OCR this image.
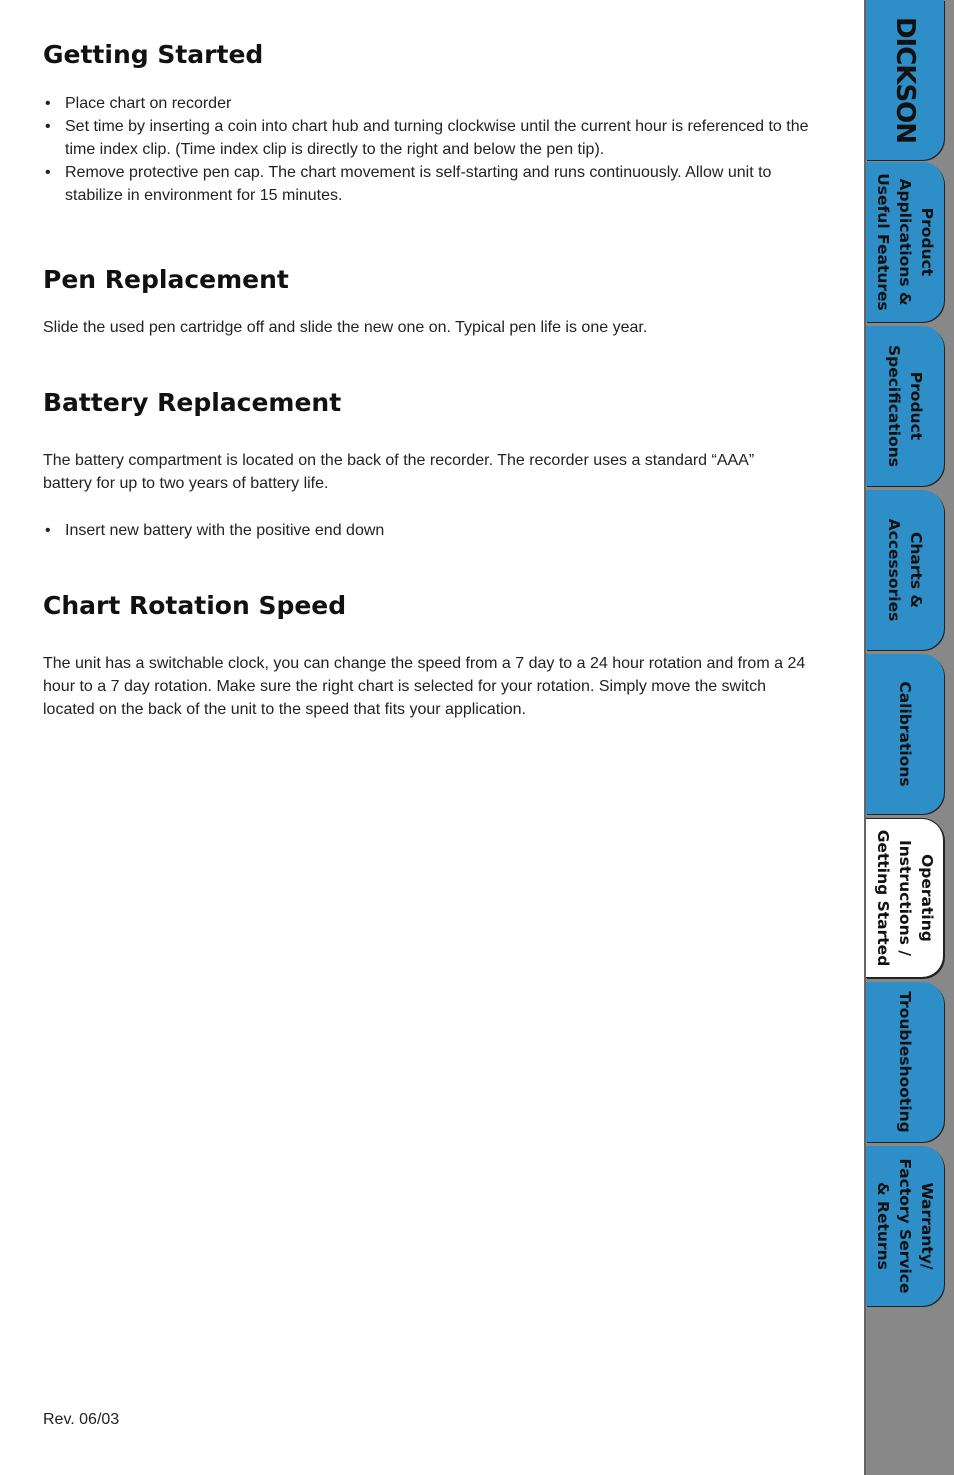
Getting Started
• Place chart on recorder
• Set time by inserting a coin into chart hub and turning clockwise until the current hour is referenced to the time index clip. (Time index clip is directly to the right and below the pen tip).
• Remove protective pen cap. The chart movement is self-starting and runs continuously. Allow unit to stabilize in environment for 15 minutes.
Pen Replacement

Slide the used pen cartridge off and slide the new one on. Typical pen life is one year.

Battery Replacement

The battery compartment is located on the back of the recorder. The recorder uses a standard “AAA” battery for up to two years of battery life.

• Insert new battery with the positive end down
Chart Rotation Speed

The unit has a switchable clock, you can change the speed from a 7 day to a 24 hour rotation and from a 24 hour to a 7 day rotation. Make sure the right chart is selected for your rotation. Simply move the switch located on the back of the unit to the speed that fits your application.

Rev. 06/03
DICKSON
Product
Applications &
Useful Features
Product
Specifications
Charts &
Accessories
Calibrations
Operating
Instructions /
Getting Started
Troubleshooting
Warranty/
Factory Service
& Returns
